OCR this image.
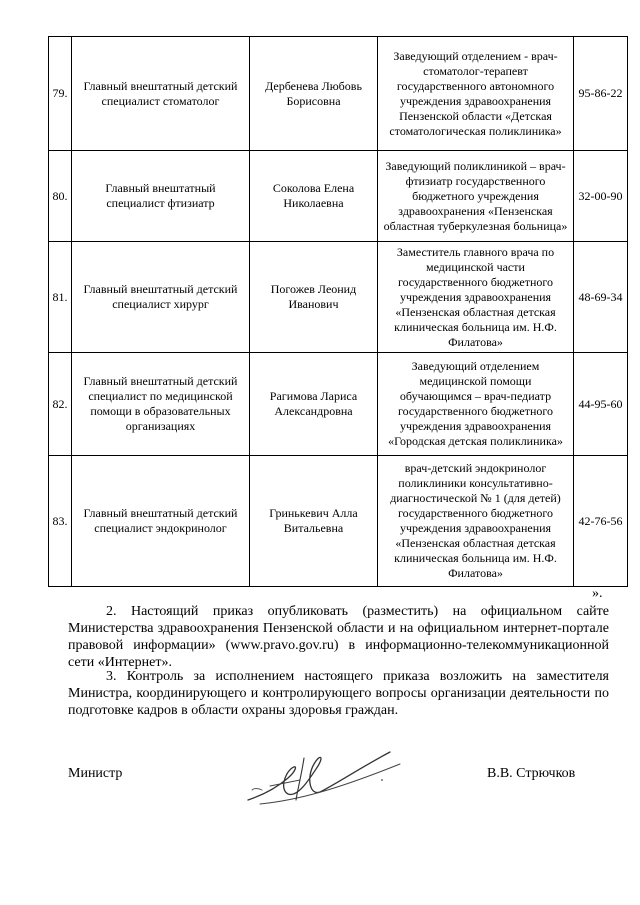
79.	Главный внештатный детский специалист стоматолог	Дербенева Любовь Борисовна	Заведующий отделением - врач-стоматолог-терапевт государственного автономного учреждения здравоохранения Пензенской области «Детская стоматологическая поликлиника»	95-86-22
80.	Главный внештатный специалист фтизиатр	Соколова Елена Николаевна	Заведующий поликлиникой – врач-фтизиатр государственного бюджетного учреждения здравоохранения «Пензенская областная туберкулезная больница»	32-00-90
81.	Главный внештатный детский специалист хирург	Погожев Леонид Иванович	Заместитель главного врача по медицинской части государственного бюджетного учреждения здравоохранения «Пензенская областная детская клиническая больница им. Н.Ф. Филатова»	48-69-34
82.	Главный внештатный детский специалист по медицинской помощи в образовательных организациях	Рагимова Лариса Александровна	Заведующий отделением медицинской помощи обучающимся – врач-педиатр государственного бюджетного учреждения здравоохранения «Городская детская поликлиника»	44-95-60
83.	Главный внештатный детский специалист эндокринолог	Гринькевич Алла Витальевна	врач-детский эндокринолог поликлиники консультативно-диагностической № 1 (для детей) государственного бюджетного учреждения здравоохранения «Пензенская областная детская клиническая больница им. Н.Ф. Филатова»	42-76-56
».

2. Настоящий приказ опубликовать (разместить) на официальном сайте Министерства здравоохранения Пензенской области и на официальном интернет-портале правовой информации» (www.pravo.gov.ru) в информационно-телекоммуникационной сети «Интернет».

3. Контроль за исполнением настоящего приказа возложить на заместителя Министра, координирующего и контролирующего вопросы организации деятельности по подготовке кадров в области охраны здоровья граждан.

Министр	В.В. Стрючков
